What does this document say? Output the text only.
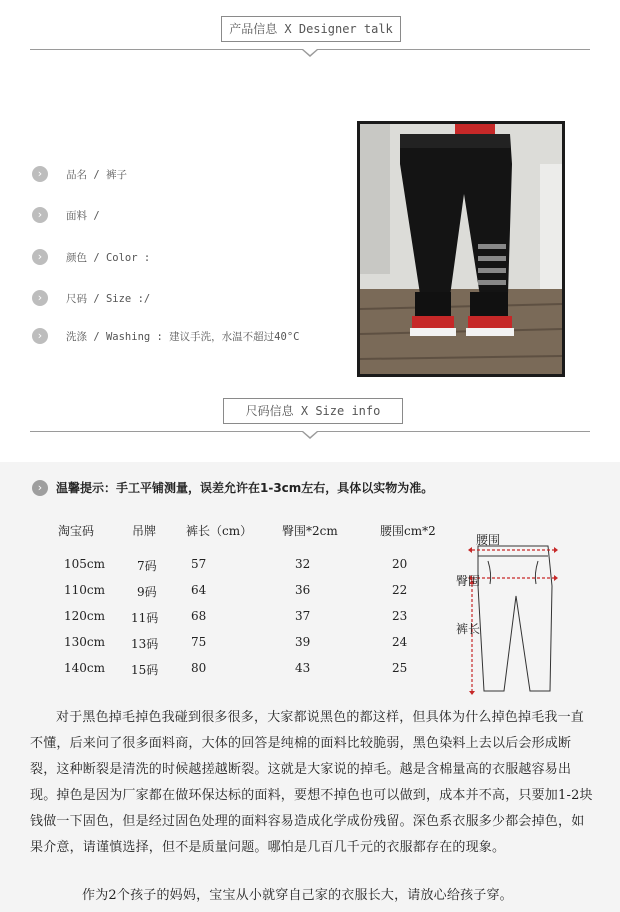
产品信息 X Designer talk
›	品名 / 裤子
›	面料 /
›	颜色 / Color :
›	尺码 / Size :/
›	洗涤 / Washing : 建议手洗，水温不超过40°C
尺码信息 X Size info
›	温馨提示：手工平铺测量，误差允许在1-3cm左右，具体以实物为准。
淘宝码	吊牌 裤长（cm） 臀围*2cm	腰围cm*2
105cm	7码	57	32	20
110cm	9码	64	36	22
120cm 11码	68	37	23
130cm 13码	75	39	24
140cm 15码	80	43	25
腰围
臀围
裤长

对于黑色掉毛掉色我碰到很多很多，大家都说黑色的都这样，但具体为什么掉色掉毛我一直不懂，后来问了很多面料商，大体的回答是纯棉的面料比较脆弱，黑色染料上去以后会形成断裂，这种断裂是清洗的时候越搓越断裂。这就是大家说的掉毛。越是含棉量高的衣服越容易出现。掉色是因为厂家都在做环保达标的面料，要想不掉色也可以做到，成本并不高，只要加1-2块钱做一下固色，但是经过固色处理的面料容易造成化学成份残留。深色系衣服多少都会掉色，如果介意，请谨慎选择，但不是质量问题。哪怕是几百几千元的衣服都存在的现象。

作为2个孩子的妈妈，宝宝从小就穿自己家的衣服长大，请放心给孩子穿。
